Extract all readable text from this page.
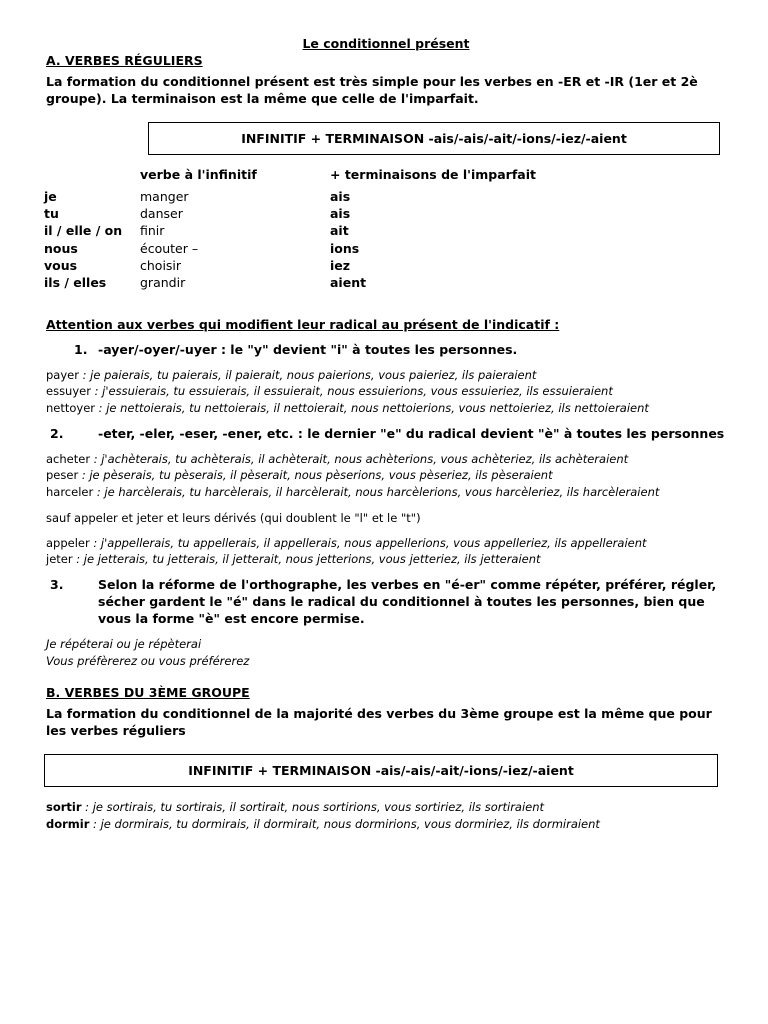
Le conditionnel présent
A. VERBES RÉGULIERS
La formation du conditionnel présent est très simple pour les verbes en -ER et -IR (1er et 2è groupe). La terminaison est la même que celle de l'imparfait.
INFINITIF + TERMINAISON -ais/-ais/-ait/-ions/-iez/-aient
verbe à l'infinitif	+ terminaisons de l'imparfait
je	manger	ais
tu	danser	ais
il / elle / on	finir	ait
nous	écouter –	ions
vous	choisir	iez
ils / elles	grandir	aient
Attention aux verbes qui modifient leur radical au présent de l'indicatif :
1. -ayer/-oyer/-uyer : le "y" devient "i" à toutes les personnes.
payer : je paierais, tu paierais, il paierait, nous paierions, vous paieriez, ils paieraient
essuyer : j'essuierais, tu essuierais, il essuierait, nous essuierions, vous essuieriez, ils essuieraient
nettoyer : je nettoierais, tu nettoierais, il nettoierait, nous nettoierions, vous nettoieriez, ils nettoieraient
2.	-eter, -eler, -eser, -ener, etc. : le dernier "e" du radical devient "è" à toutes les personnes
acheter : j'achèterais, tu achèterais, il achèterait, nous achèterions, vous achèteriez, ils achèteraient
peser : je pèserais, tu pèserais, il pèserait, nous pèserions, vous pèseriez, ils pèseraient
harceler : je harcèlerais, tu harcèlerais, il harcèlerait, nous harcèlerions, vous harcèleriez, ils harcèleraient
sauf appeler et jeter et leurs dérivés (qui doublent le "l" et le "t")
appeler : j'appellerais, tu appellerais, il appellerais, nous appellerions, vous appelleriez, ils appelleraient
jeter : je jetterais, tu jetterais, il jetterait, nous jetterions, vous jetteriez, ils jetteraient
3.	Selon la réforme de l'orthographe, les verbes en "é-er" comme répéter, préférer, régler, sécher gardent le "é" dans le radical du conditionnel à toutes les personnes, bien que vous la forme "è" est encore permise.
Je répéterai ou je répèterai
Vous préfèrerez ou vous préférerez
B. VERBES DU 3ÈME GROUPE
La formation du conditionnel de la majorité des verbes du 3ème groupe est la même que pour les verbes réguliers
INFINITIF + TERMINAISON -ais/-ais/-ait/-ions/-iez/-aient
sortir : je sortirais, tu sortirais, il sortirait, nous sortirions, vous sortiriez, ils sortiraient
dormir : je dormirais, tu dormirais, il dormirait, nous dormirions, vous dormiriez, ils dormiraient
